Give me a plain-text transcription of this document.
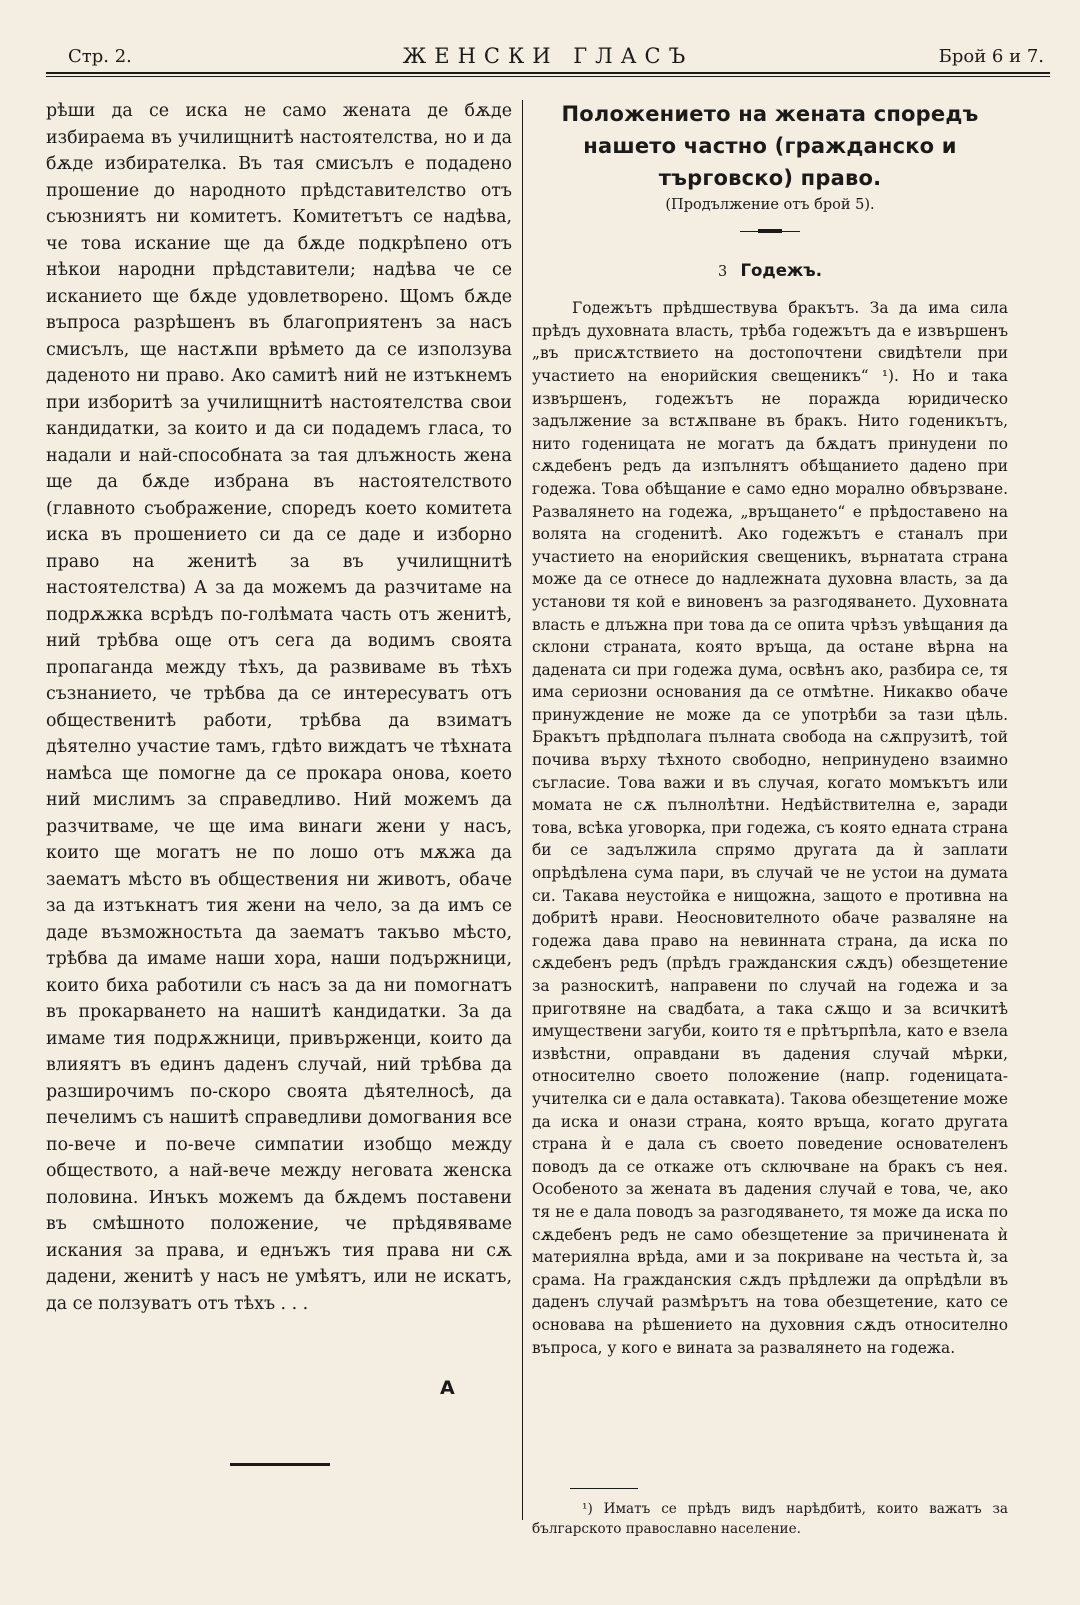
Стр. 2.	ЖЕНСКИ ГЛАСЪ	Брой 6 и 7.

рѣши да се иска не само жената де бѫде избираема въ училищнитѣ настоятелства, но и да бѫде избирателка. Въ тая смисълъ е подадено прошение до народното прѣдставителство отъ съюзниятъ ни комитетъ. Комитетътъ се надѣва, че това искание ще да бѫде подкрѣпено отъ нѣкои народни прѣдставители; надѣва че се исканието ще бѫде удовлетворено. Щомъ бѫде въпроса разрѣшенъ въ благоприятенъ за насъ смисълъ, ще настѫпи врѣмето да се използува даденото ни право. Ако самитѣ ний не изтъкнемъ при изборитѣ за училищнитѣ настоятелства свои кандидатки, за които и да си подадемъ гласа, то надали и най-способната за тая длъжность жена ще да бѫде избрана въ настоятелството (главното съображение, споредъ което комитета иска въ прошението си да се даде и изборно право на женитѣ за въ училищнитѣ настоятелства) А за да можемъ да разчитаме на подрѫжка всрѣдъ по-голѣмата часть отъ женитѣ, ний трѣбва още отъ сега да водимъ своята пропаганда между тѣхъ, да развиваме въ тѣхъ съзнанието, че трѣбва да се интересуватъ отъ общественитѣ работи, трѣбва да взиматъ дѣятелно участие тамъ, гдѣто виждатъ че тѣхната намѣса ще помогне да се прокара онова, което ний мислимъ за справедливо. Ний можемъ да разчитваме, че ще има винаги жени у насъ, които ще могатъ не по лошо отъ мѫжа да заематъ мѣсто въ обществения ни животъ, обаче за да изтъкнатъ тия жени на чело, за да имъ се даде възможностьта да заематъ такъво мѣсто, трѣбва да имаме наши хора, наши подържници, които биха работили съ насъ за да ни помогнатъ въ прокарването на нашитѣ кандидатки. За да имаме тия подрѫжници, привърженци, които да влияятъ въ единъ даденъ случай, ний трѣбва да разширочимъ по-скоро своята дѣятелносѣ, да печелимъ съ нашитѣ справедливи домогвания все по-вече и по-вече симпатии изобщо между обществото, а най-вече между неговата женска половина. Инъкъ можемъ да бѫдемъ поставени въ смѣшното положение, че прѣдявяваме искания за права, и еднъжъ тия права ни сѫ дадени, женитѣ у насъ не умѣятъ, или не искатъ, да се ползуватъ отъ тѣхъ . . .

А
Положението на жената споредъ нашето частно (гражданско и търговско) право.

(Продължение отъ брой 5).

3 Годежъ.

Годежътъ прѣдшествува бракътъ. За да има сила прѣдъ духовната власть, трѣба годежътъ да е извършенъ „въ присѫтствието на достопочтени свидѣтели при участието на енорийския свещеникъ“ ¹). Но и така извършенъ, годежътъ не поражда юридическо задължение за встѫпване въ бракъ. Нито годеникътъ, нито годеницата не могатъ да бѫдатъ принудени по сѫдебенъ редъ да изпълнятъ обѣщанието дадено при годежа. Това обѣщание е само едно морално обвързване. Развалянето на годежа, „връщането“ е прѣдоставено на волята на сгоденитѣ. Ако годежътъ е станалъ при участието на енорийския свещеникъ, върнатата страна може да се отнесе до надлежната духовна власть, за да установи тя кой е виновенъ за разгодяването. Духовната власть е длъжна при това да се опита чрѣзъ увѣщания да склони страната, която връща, да остане вѣрна на дадената си при годежа дума, освѣнъ ако, разбира се, тя има сериозни основания да се отмѣтне. Никакво обаче принуждение не може да се употрѣби за тази цѣль. Бракътъ прѣдполага пълната свобода на сѫпрузитѣ, той почива върху тѣхното свободно, непринудено взаимно съгласие. Това важи и въ случая, когато момъкътъ или момата не сѫ пълнолѣтни. Недѣйствителна е, заради това, всѣка уговорка, при годежа, съ която едната страна би се задължила спрямо другата да ѝ заплати опрѣдѣлена сума пари, въ случай че не устои на думата си. Такава неустойка е нищожна, защото е противна на добритѣ нрави. Неосновителното обаче разваляне на годежа дава право на невинната страна, да иска по сѫдебенъ редъ (прѣдъ гражданския сѫдъ) обезщетение за разноскитѣ, направени по случай на годежа и за приготвяне на свадбата, а така сѫщо и за всичкитѣ имуществени загуби, които тя е прѣтърпѣла, като е взела извѣстни, оправдани въ дадения случай мѣрки, относително своето положение (напр. годеницата-учителка си е дала оставката). Такова обезщетение може да иска и онази страна, която връща, когато другата страна ѝ е дала съ своето поведение основателенъ поводъ да се откаже отъ сключване на бракъ съ нея. Особеното за жената въ дадения случай е това, че, ако тя не е дала поводъ за разгодяването, тя може да иска по сѫдебенъ редъ не само обезщетение за причинената ѝ материялна врѣда, ами и за покриване на честьта ѝ, за срама. На гражданския сѫдъ прѣдлежи да опрѣдѣли въ даденъ случай размѣрътъ на това обезщетение, като се основава на рѣшението на духовния сѫдъ относително въпроса, у кого е вината за развалянето на годежа.

¹) Иматъ се прѣдъ видъ нарѣдбитѣ, които важатъ за българското православно население.
